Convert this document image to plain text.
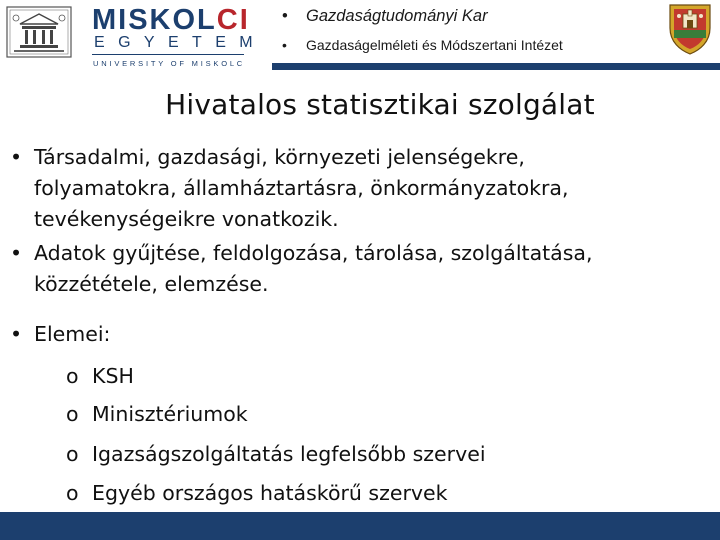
MISKOLCI
EGYETEM
UNIVERSITY OF MISKOLC
• Gazdaságtudományi Kar
• Gazdaságelméleti és Módszertani Intézet
Hivatalos statisztikai szolgálat
• Társadalmi, gazdasági, környezeti jelenségekre,
folyamatokra, államháztartásra, önkormányzatokra,
tevékenységeikre vonatkozik.
• Adatok gyűjtése, feldolgozása, tárolása, szolgáltatása,
közzététele, elemzése.
• Elemei:
o KSH
o Minisztériumok
o Igazságszolgáltatás legfelsőbb szervei
o Egyéb országos hatáskörű szervek
